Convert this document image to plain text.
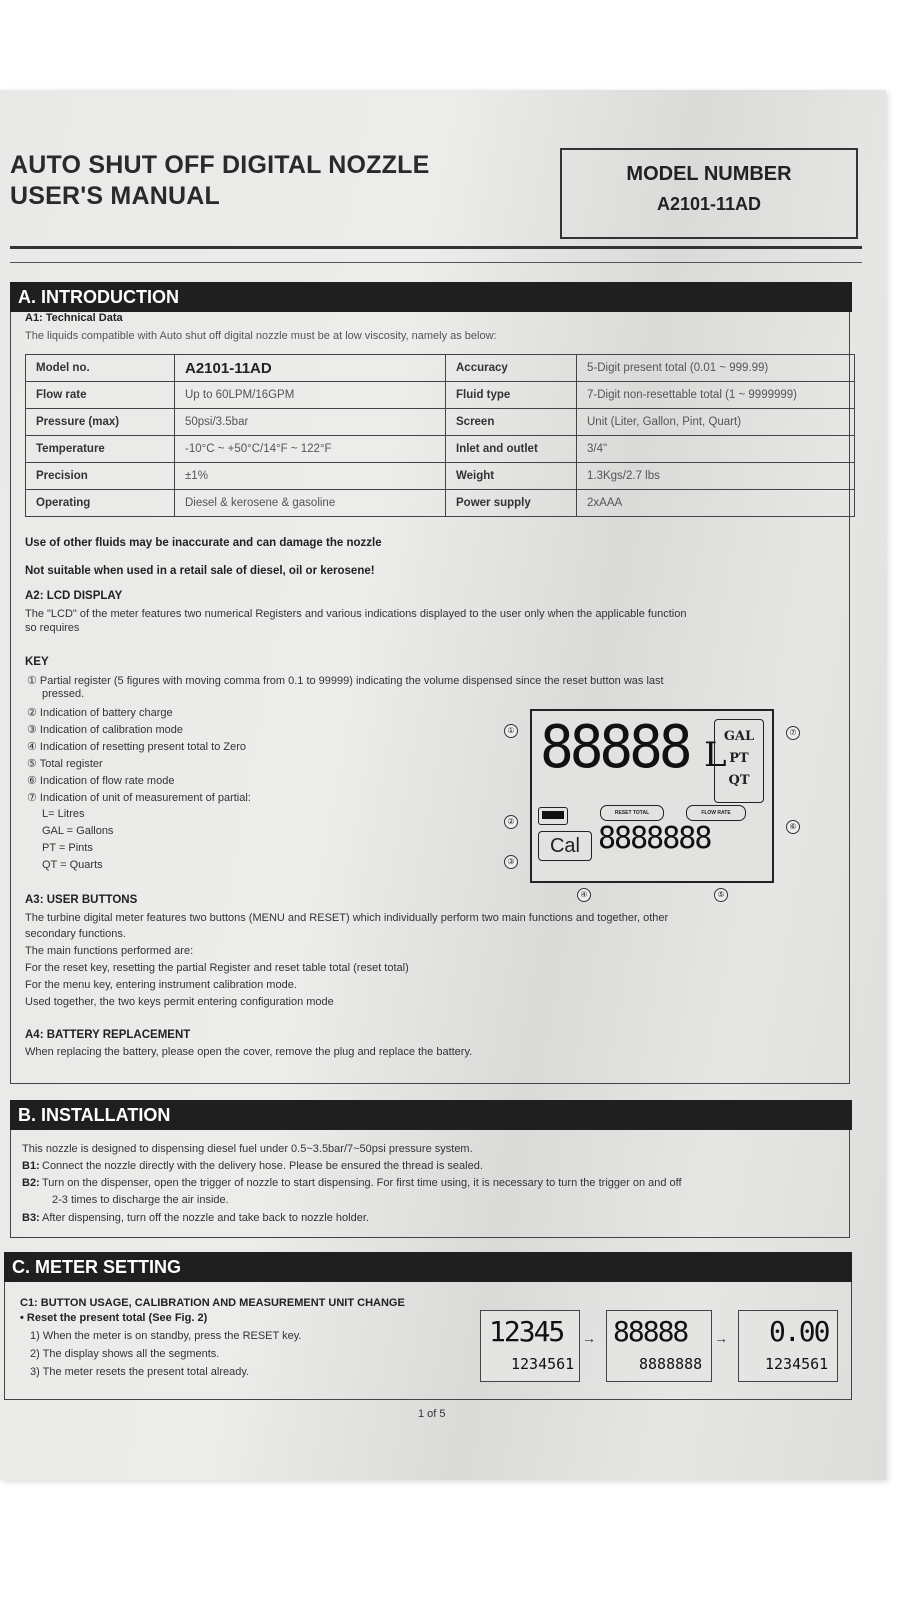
AUTO SHUT OFF DIGITAL NOZZLE
USER'S MANUAL
MODEL NUMBER
A2101-11AD
A. INTRODUCTION
A1: Technical Data
The liquids compatible with Auto shut off digital nozzle must be at low viscosity, namely as below:
Model no.	A2101-11AD	Accuracy	5-Digit present total (0.01 ~ 999.99)
Flow rate	Up to 60LPM/16GPM	Fluid type	7-Digit non-resettable total (1 ~ 9999999)
Pressure (max)	50psi/3.5bar	Screen	Unit (Liter, Gallon, Pint, Quart)
Temperature	-10°C ~ +50°C/14°F ~ 122°F	Inlet and outlet	3/4"
Precision	±1%	Weight	1.3Kgs/2.7 lbs
Operating	Diesel & kerosene & gasoline	Power supply	2xAAA
Use of other fluids may be inaccurate and can damage the nozzle
Not suitable when used in a retail sale of diesel, oil or kerosene!
A2: LCD DISPLAY
The "LCD" of the meter features two numerical Registers and various indications displayed to the user only when the applicable function
so requires
KEY
① Partial register (5 figures with moving comma from 0.1 to 99999) indicating the volume dispensed since the reset button was last
pressed.
② Indication of battery charge
③ Indication of calibration mode
④ Indication of resetting present total to Zero
⑤ Total register
⑥ Indication of flow rate mode
⑦ Indication of unit of measurement of partial:
L= Litres
GAL = Gallons
PT = Pints
QT = Quarts
88888 L
GAL
PT
QT
RESET TOTAL	FLOW RATE
Cal 8888888
①	⑦
②
⑥
③
④	⑤
A3: USER BUTTONS
The turbine digital meter features two buttons (MENU and RESET) which individually perform two main functions and together, other
secondary functions.
The main functions performed are:
For the reset key, resetting the partial Register and reset table total (reset total)
For the menu key, entering instrument calibration mode.
Used together, the two keys permit entering configuration mode
A4: BATTERY REPLACEMENT
When replacing the battery, please open the cover, remove the plug and replace the battery.
B. INSTALLATION
This nozzle is designed to dispensing diesel fuel under 0.5~3.5bar/7~50psi pressure system.
B1: Connect the nozzle directly with the delivery hose. Please be ensured the thread is sealed.
B2: Turn on the dispenser, open the trigger of nozzle to start dispensing. For first time using, it is necessary to turn the trigger on and off
2-3 times to discharge the air inside.
B3: After dispensing, turn off the nozzle and take back to nozzle holder.
C. METER SETTING
C1: BUTTON USAGE, CALIBRATION AND MEASUREMENT UNIT CHANGE
• Reset the present total (See Fig. 2)
1) When the meter is on standby, press the RESET key.
2) The display shows all the segments.
3) The meter resets the present total already.
12345
1234561
→ 88888
8888888
→ 0.00
1234561
1 of 5
